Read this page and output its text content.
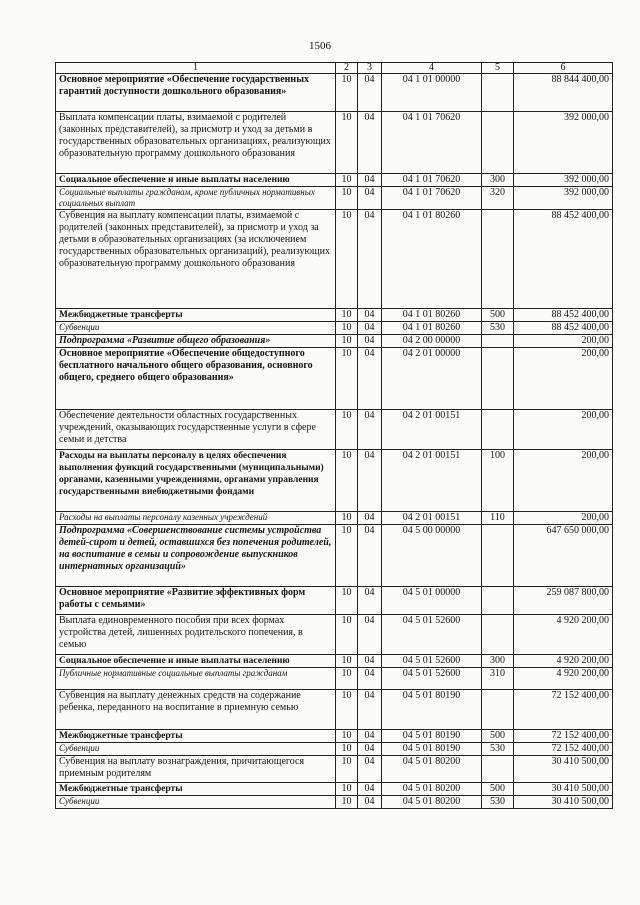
1506
1	2	3	4	5	6
Основное мероприятие «Обеспечение государственных гарантий доступности дошкольного образования»	10	04	04 1 01 00000		88 844 400,00
Выплата компенсации платы, взимаемой с родителей (законных представителей), за присмотр и уход за детьми в государственных образовательных организациях, реализующих образовательную программу дошкольного образования	10	04	04 1 01 70620		392 000,00
Социальное обеспечение и иные выплаты населению	10	04	04 1 01 70620	300	392 000,00
Социальные выплаты гражданам, кроме публичных нормативных социальных выплат	10	04	04 1 01 70620	320	392 000,00
Субвенция на выплату компенсации платы, взимаемой с родителей (законных представителей), за присмотр и уход за детьми в образовательных организациях (за исключением государственных образовательных организаций), реализующих образовательную программу дошкольного образования	10	04	04 1 01 80260		88 452 400,00
Межбюджетные трансферты	10	04	04 1 01 80260	500	88 452 400,00
Субвенции	10	04	04 1 01 80260	530	88 452 400,00
Подпрограмма «Развитие общего образования»	10	04	04 2 00 00000		200,00
Основное мероприятие «Обеспечение общедоступного бесплатного начального общего образования, основного общего, среднего общего образования»	10	04	04 2 01 00000		200,00
Обеспечение деятельности областных государственных учреждений, оказывающих государственные услуги в сфере семьи и детства	10	04	04 2 01 00151		200,00
Расходы на выплаты персоналу в целях обеспечения выполнения функций государственными (муниципальными) органами, казенными учреждениями, органами управления государственными внебюджетными фондами	10	04	04 2 01 00151	100	200,00
Расходы на выплаты персоналу казенных учреждений	10	04	04 2 01 00151	110	200,00
Подпрограмма «Совершенствование системы устройства детей-сирот и детей, оставшихся без попечения родителей, на воспитание в семьи и сопровождение выпускников интернатных организаций»	10	04	04 5 00 00000		647 650 000,00
Основное мероприятие «Развитие эффективных форм работы с семьями»	10	04	04 5 01 00000		259 087 800,00
Выплата единовременного пособия при всех формах устройства детей, лишенных родительского попечения, в семью	10	04	04 5 01 52600		4 920 200,00
Социальное обеспечение и иные выплаты населению	10	04	04 5 01 52600	300	4 920 200,00
Публичные нормативные социальные выплаты гражданам	10	04	04 5 01 52600	310	4 920 200,00
Субвенция на выплату денежных средств на содержание ребенка, переданного на воспитание в приемную семью	10	04	04 5 01 80190		72 152 400,00
Межбюджетные трансферты	10	04	04 5 01 80190	500	72 152 400,00
Субвенции	10	04	04 5 01 80190	530	72 152 400,00
Субвенция на выплату вознаграждения, причитающегося приемным родителям	10	04	04 5 01 80200		30 410 500,00
Межбюджетные трансферты	10	04	04 5 01 80200	500	30 410 500,00
Субвенции	10	04	04 5 01 80200	530	30 410 500,00
